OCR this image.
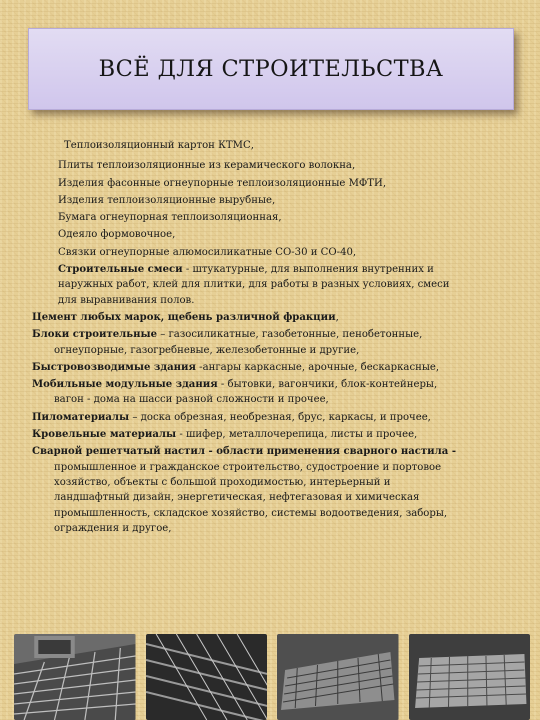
ВСЁ ДЛЯ СТРОИТЕЛЬСТВА
Теплоизоляционный картон КТМС,
Плиты теплоизоляционные из керамического волокна,
Изделия фасонные огнеупорные теплоизоляционные МФТИ,
Изделия теплоизоляционные вырубные,
Бумага огнеупорная теплоизоляционная,
Одеяло формовочное,
Связки огнеупорные алюмосиликатные СО-30 и СО-40,
Строительные смеси - штукатурные, для выполнения внутренних и
наружных работ, клей для плитки, для работы в разных условиях, смеси
для выравнивания полов.
Цемент любых марок, щебень различной фракции,
Блоки строительные – газосиликатные, газобетонные, пенобетонные,
огнеупорные, газогребневые, железобетонные и другие,
Быстровозводимые здания -ангары каркасные, арочные, бескаркасные,
Мобильные модульные здания - бытовки, вагончики, блок-контейнеры,
вагон - дома на шасси разной сложности и прочее,
Пиломатериалы – доска обрезная, необрезная, брус, каркасы, и прочее,
Кровельные материалы - шифер, металлочерепица, листы и прочее,
Сварной решетчатый настил - области применения сварного настила -
промышленное и гражданское строительство, судостроение и портовое
хозяйство, объекты с большой проходимостью, интерьерный и
ландшафтный дизайн, энергетическая, нефтегазовая и химическая
промышленность, складское хозяйство, системы водоотведения, заборы,
ограждения и другое,
